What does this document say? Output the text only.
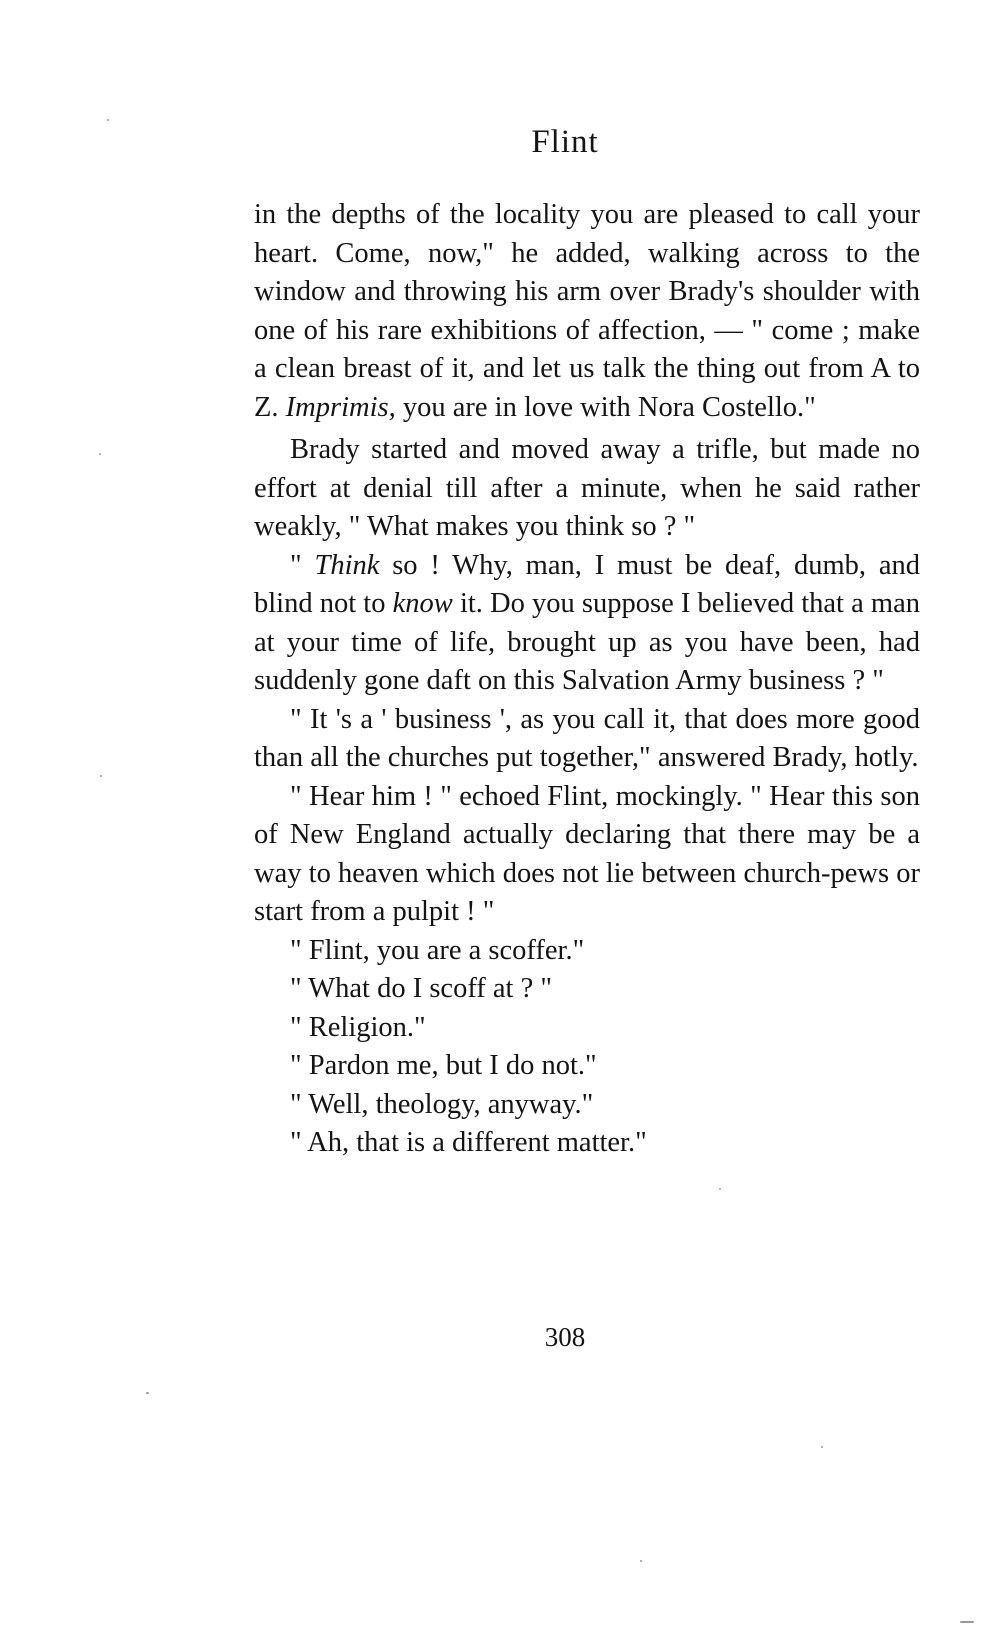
Flint

in the depths of the locality you are pleased to call your heart. Come, now," he added, walking across to the window and throwing his arm over Brady's shoulder with one of his rare exhibitions of affection, — " come ; make a clean breast of it, and let us talk the thing out from A to Z. Imprimis, you are in love with Nora Costello."

Brady started and moved away a trifle, but made no effort at denial till after a minute, when he said rather weakly, " What makes you think so ? "

" Think so ! Why, man, I must be deaf, dumb, and blind not to know it. Do you suppose I believed that a man at your time of life, brought up as you have been, had suddenly gone daft on this Salvation Army business ? "

" It 's a ' business ', as you call it, that does more good than all the churches put together," answered Brady, hotly.

" Hear him ! " echoed Flint, mockingly. " Hear this son of New England actually declaring that there may be a way to heaven which does not lie between church-pews or start from a pulpit ! "

" Flint, you are a scoffer."

" What do I scoff at ? "

" Religion."

" Pardon me, but I do not."

" Well, theology, anyway."

" Ah, that is a different matter."

308
